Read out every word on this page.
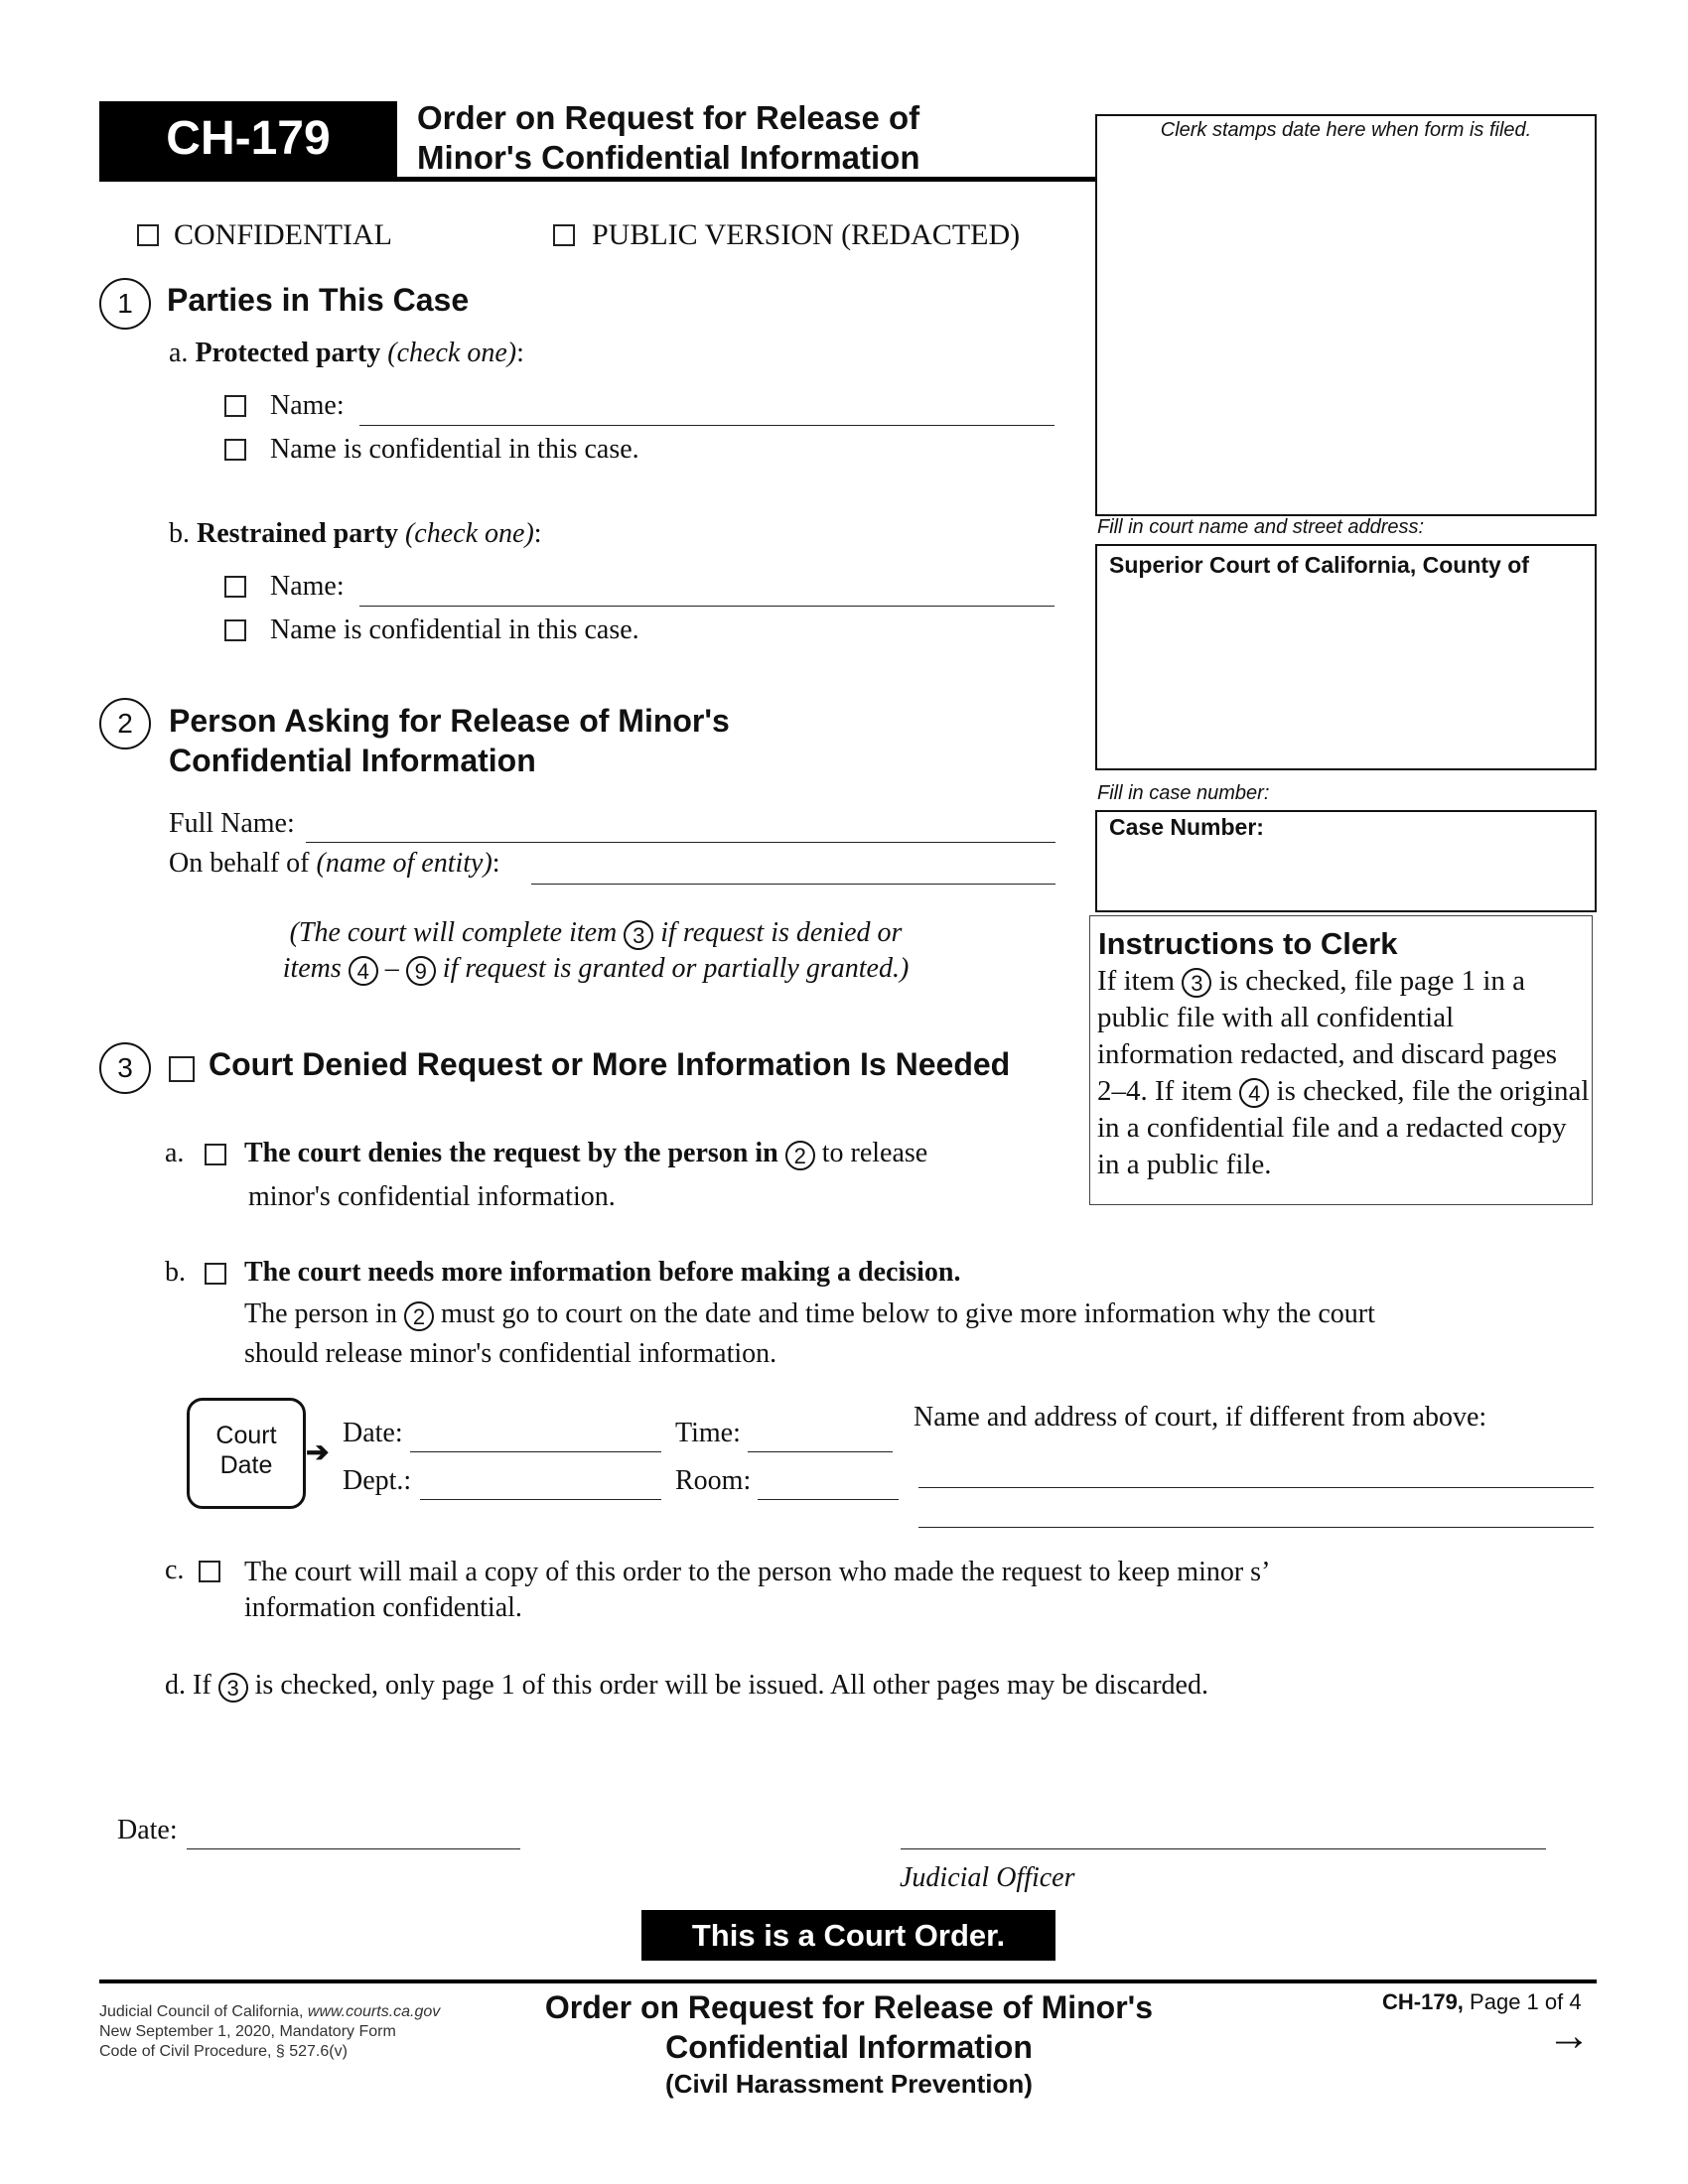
CH-179	Order on Request for Release of
Minor's Confidential Information
Clerk stamps date here when form is filed.
Fill in court name and street address:
Superior Court of California, County of
Fill in case number:
Case Number:
Instructions to Clerk
If item 3 is checked, file page 1 in a public file with all confidential information redacted, and discard pages 2–4. If item 4 is checked, file the original in a confidential file and a redacted copy in a public file.
CONFIDENTIAL	PUBLIC VERSION (REDACTED)
1	Parties in This Case
a. Protected party (check one):
Name:
Name is confidential in this case.
b. Restrained party (check one):
Name:
Name is confidential in this case.
2	Person Asking for Release of Minor's
Confidential Information
Full Name:
On behalf of (name of entity):
(The court will complete item 3 if request is denied or
items 4 – 9 if request is granted or partially granted.)
3	Court Denied Request or More Information Is Needed
a. The court denies the request by the person in 2 to release
minor's confidential information.
b. The court needs more information before making a decision.
The person in 2 must go to court on the date and time below to give more information why the court
should release minor's confidential information.
Court
Date	➔
Date:	Time:
Dept.:	Room:
Name and address of court, if different from above:
c. The court will mail a copy of this order to the person who made the request to keep minor s’
information confidential.
d. If 3 is checked, only page 1 of this order will be issued. All other pages may be discarded.
Date:
Judicial Officer
This is a Court Order.
Judicial Council of California, www.courts.ca.gov
New September 1, 2020, Mandatory Form
Code of Civil Procedure, § 527.6(v)
Order on Request for Release of Minor's
Confidential Information
(Civil Harassment Prevention)
CH-179, Page 1 of 4
→
